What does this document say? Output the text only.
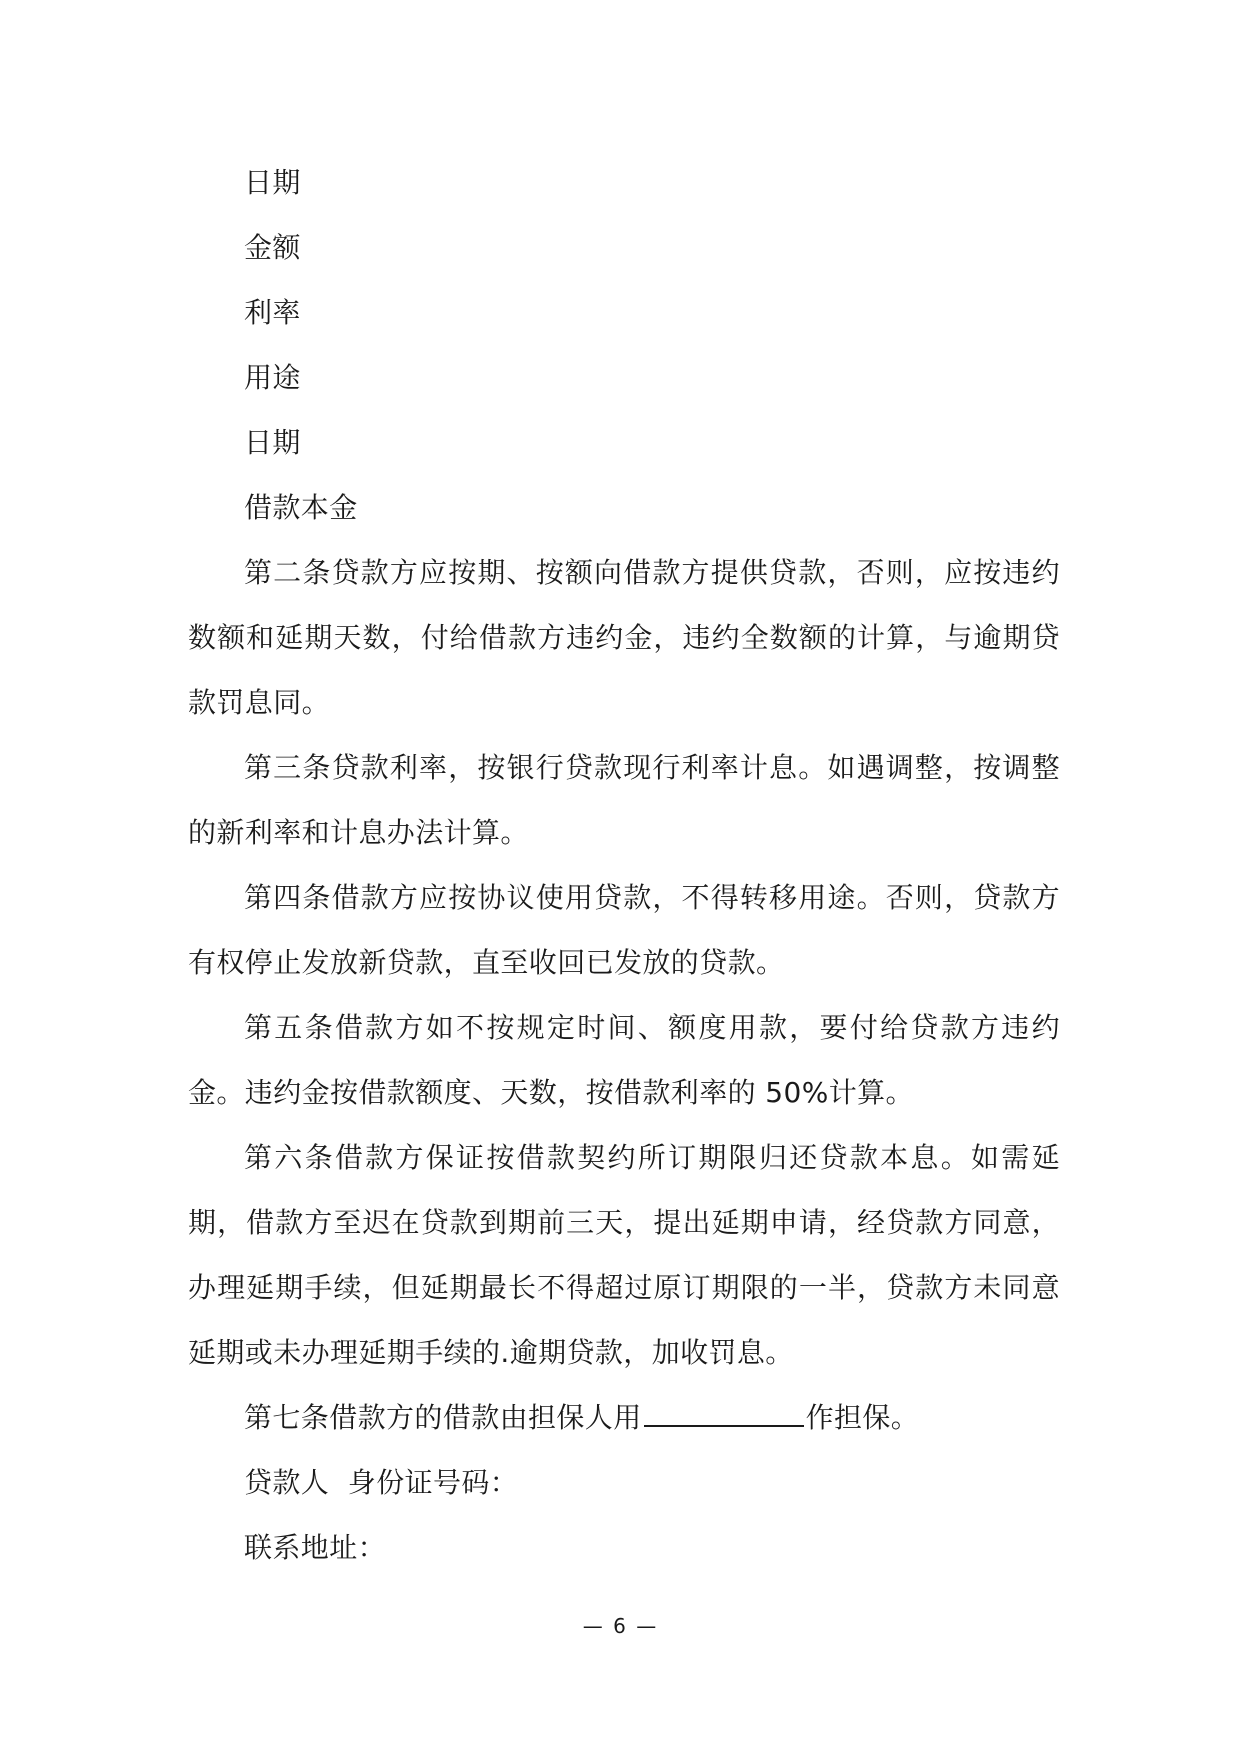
日期

金额

利率

用途

日期

借款本金

第二条贷款方应按期、按额向借款方提供贷款，否则，应按违约数额和延期天数，付给借款方违约金，违约全数额的计算，与逾期贷款罚息同。

第三条贷款利率，按银行贷款现行利率计息。如遇调整，按调整的新利率和计息办法计算。

第四条借款方应按协议使用贷款，不得转移用途。否则，贷款方有权停止发放新贷款，直至收回已发放的贷款。

第五条借款方如不按规定时间、额度用款，要付给贷款方违约金。违约金按借款额度、天数，按借款利率的 50%计算。

第六条借款方保证按借款契约所订期限归还贷款本息。如需延期，借款方至迟在贷款到期前三天，提出延期申请，经贷款方同意，办理延期手续，但延期最长不得超过原订期限的一半，贷款方未同意延期或未办理延期手续的.逾期贷款，加收罚息。

第七条借款方的借款由担保人用	作担保。

贷款人  身份证号码：

联系地址：

— 6 —
